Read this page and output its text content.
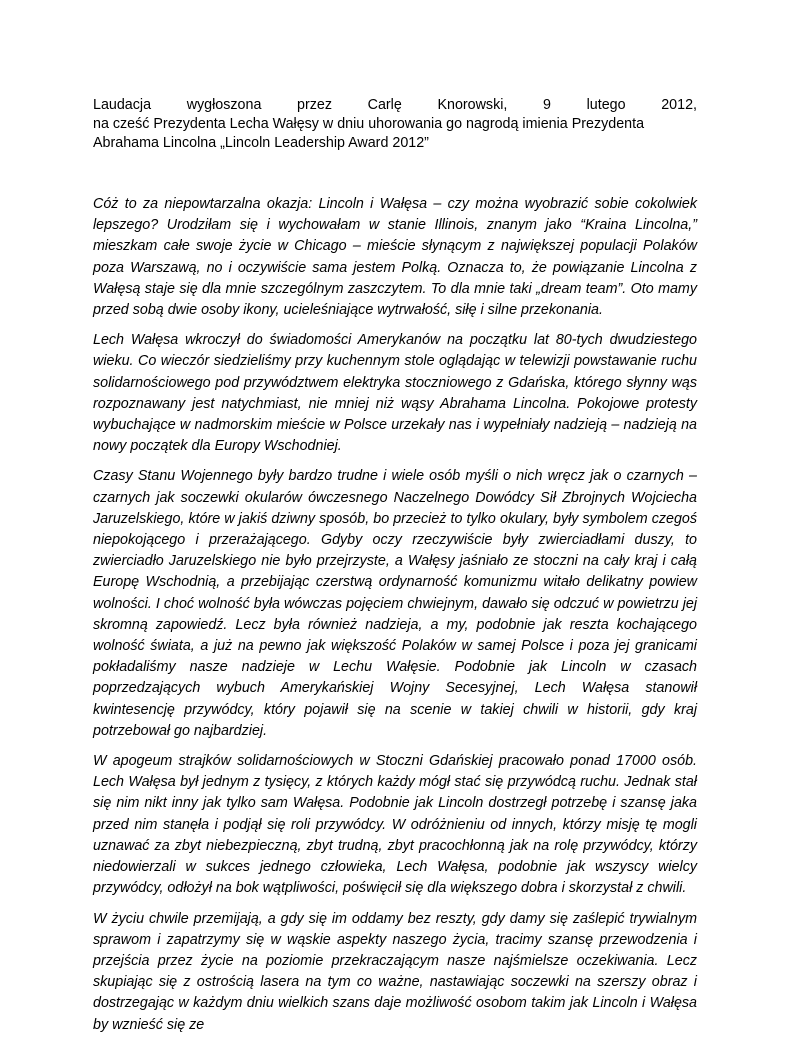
Laudacja wygłoszona przez Carlę Knorowski, 9 lutego 2012,
na cześć Prezydenta Lecha Wałęsy w dniu uhorowania go nagrodą imienia Prezydenta
Abrahama Lincolna „Lincoln Leadership Award 2012”

Cóż to za niepowtarzalna okazja: Lincoln i Wałęsa – czy można wyobrazić sobie cokolwiek lepszego? Urodziłam się i wychowałam w stanie Illinois, znanym jako “Kraina Lincolna,” mieszkam całe swoje życie w Chicago – mieście słynącym z największej populacji Polaków poza Warszawą, no i oczywiście sama jestem Polką. Oznacza to, że powiązanie Lincolna z Wałęsą staje się dla mnie szczególnym zaszczytem. To dla mnie taki „dream team”. Oto mamy przed sobą dwie osoby ikony, ucieleśniające wytrwałość, siłę i silne przekonania.

Lech Wałęsa wkroczył do świadomości Amerykanów na początku lat 80-tych dwudziestego wieku. Co wieczór siedzieliśmy przy kuchennym stole oglądając w telewizji powstawanie ruchu solidarnościowego pod przywództwem elektryka stoczniowego z Gdańska, którego słynny wąs rozpoznawany jest natychmiast, nie mniej niż wąsy Abrahama Lincolna. Pokojowe protesty wybuchające w nadmorskim mieście w Polsce urzekały nas i wypełniały nadzieją – nadzieją na nowy początek dla Europy Wschodniej.

Czasy Stanu Wojennego były bardzo trudne i wiele osób myśli o nich wręcz jak o czarnych – czarnych jak soczewki okularów ówczesnego Naczelnego Dowódcy Sił Zbrojnych Wojciecha Jaruzelskiego, które w jakiś dziwny sposób, bo przecież to tylko okulary, były symbolem czegoś niepokojącego i przerażającego. Gdyby oczy rzeczywiście były zwierciadłami duszy, to zwierciadło Jaruzelskiego nie było przejrzyste, a Wałęsy jaśniało ze stoczni na cały kraj i całą Europę Wschodnią, a przebijając czerstwą ordynarność komunizmu witało delikatny powiew wolności. I choć wolność była wówczas pojęciem chwiejnym, dawało się odczuć w powietrzu jej skromną zapowiedź. Lecz była również nadzieja, a my, podobnie jak reszta kochającego wolność świata, a już na pewno jak większość Polaków w samej Polsce i poza jej granicami pokładaliśmy nasze nadzieje w Lechu Wałęsie. Podobnie jak Lincoln w czasach poprzedzających wybuch Amerykańskiej Wojny Secesyjnej, Lech Wałęsa stanowił kwintesencję przywódcy, który pojawił się na scenie w takiej chwili w historii, gdy kraj potrzebował go najbardziej.

W apogeum strajków solidarnościowych w Stoczni Gdańskiej pracowało ponad 17000 osób. Lech Wałęsa był jednym z tysięcy, z których każdy mógł stać się przywódcą ruchu. Jednak stał się nim nikt inny jak tylko sam Wałęsa. Podobnie jak Lincoln dostrzegł potrzebę i szansę jaka przed nim stanęła i podjął się roli przywódcy. W odróżnieniu od innych, którzy misję tę mogli uznawać za zbyt niebezpieczną, zbyt trudną, zbyt pracochłonną jak na rolę przywódcy, którzy niedowierzali w sukces jednego człowieka, Lech Wałęsa, podobnie jak wszyscy wielcy przywódcy, odłożył na bok wątpliwości, poświęcił się dla większego dobra i skorzystał z chwili.

W życiu chwile przemijają, a gdy się im oddamy bez reszty, gdy damy się zaślepić trywialnym sprawom i zapatrzymy się w wąskie aspekty naszego życia, tracimy szansę przewodzenia i przejścia przez życie na poziomie przekraczającym nasze najśmielsze oczekiwania. Lecz skupiając się z ostrością lasera na tym co ważne, nastawiając soczewki na szerszy obraz i dostrzegając w każdym dniu wielkich szans daje możliwość osobom takim jak Lincoln i Wałęsa by wznieść się ze
